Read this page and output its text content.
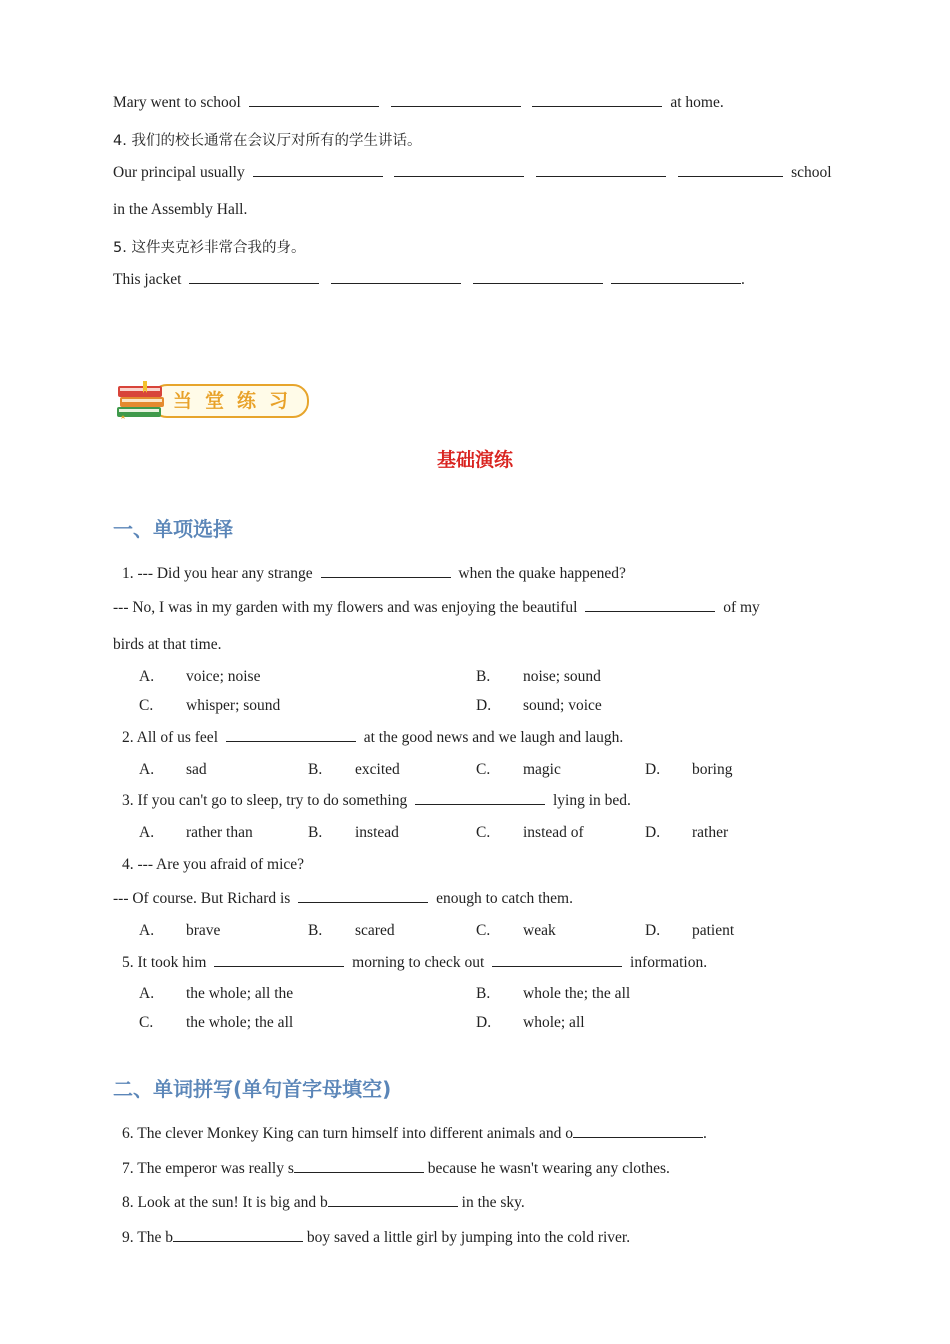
Mary went to school	at home.
4. 我们的校长通常在会议厅对所有的学生讲话。
Our principal usually	school
in the Assembly Hall.
5. 这件夹克衫非常合我的身。
This jacket	.
当堂练习
基础演练
一、单项选择
1. --- Did you hear any strange	when the quake happened?
--- No, I was in my garden with my flowers and was enjoying the beautiful	of my
birds at that time.
A. voice; noise	B. noise; sound
C. whisper; sound	D. sound; voice
2. All of us feel	at the good news and we laugh and laugh.
A. sad	B. excited	C. magic	D. boring
3. If you can't go to sleep, try to do something	lying in bed.
A. rather than	B. instead	C. instead of	D. rather
4. --- Are you afraid of mice?
--- Of course. But Richard is	enough to catch them.
A. brave	B. scared	C. weak	D. patient
5. It took him	morning to check out	information.
A. the whole; all the	B. whole the; the all
C. the whole; the all	D. whole; all
二、单词拼写(单句首字母填空)
6. The clever Monkey King can turn himself into different animals and o	.
7. The emperor was really s	because he wasn't wearing any clothes.
8. Look at the sun! It is big and b	in the sky.
9. The b	boy saved a little girl by jumping into the cold river.
